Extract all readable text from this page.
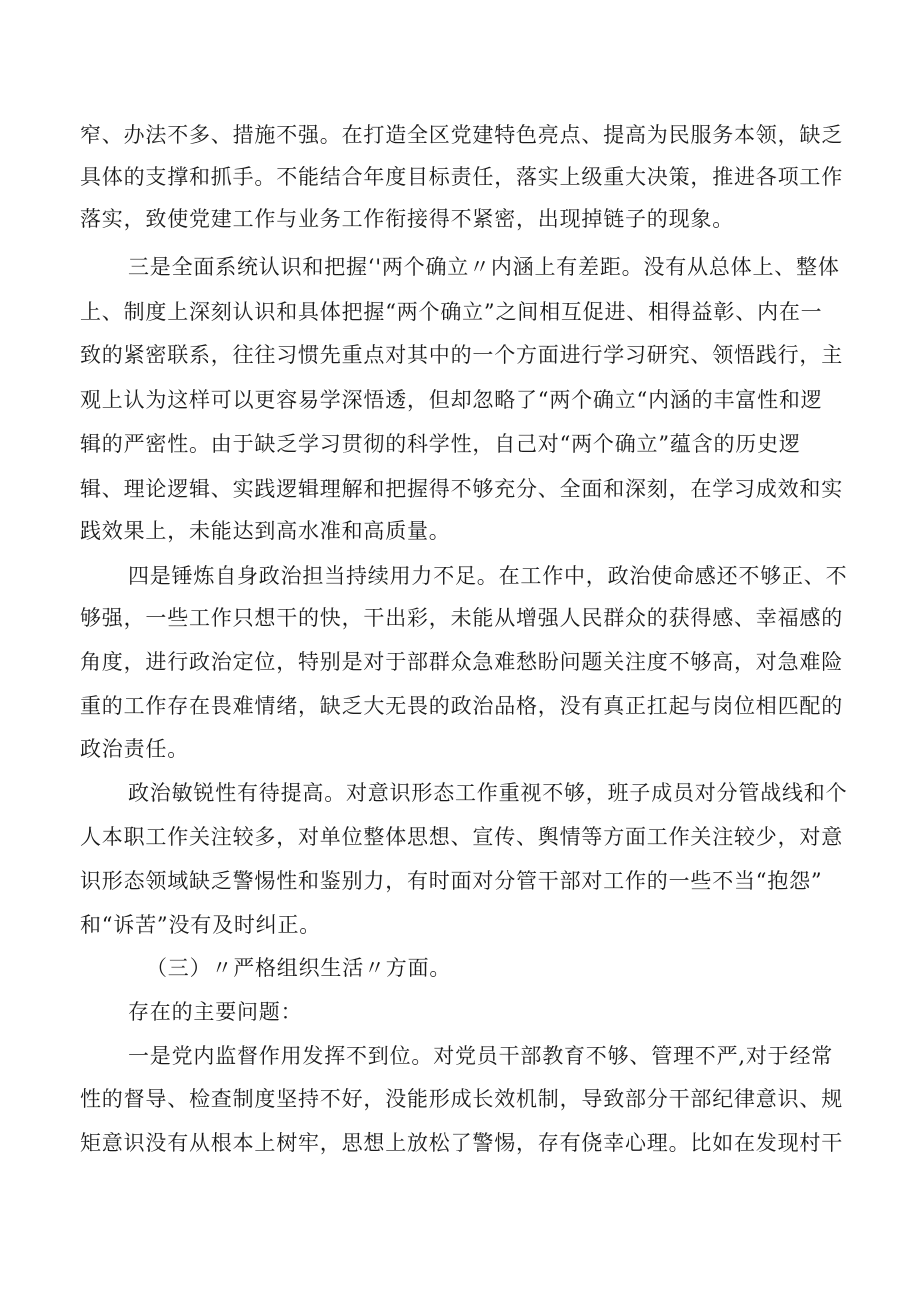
窄、办法不多、措施不强。在打造全区党建特色亮点、提高为民服务本领，缺乏
具体的支撑和抓手。不能结合年度目标责任，落实上级重大决策，推进各项工作
落实，致使党建工作与业务工作衔接得不紧密，出现掉链子的现象。
三是全面系统认识和把握‘'两个确立〃内涵上有差距。没有从总体上、整体
上、制度上深刻认识和具体把握“两个确立”之间相互促进、相得益彰、内在一
致的紧密联系，往往习惯先重点对其中的一个方面进行学习研究、领悟践行，主
观上认为这样可以更容易学深悟透，但却忽略了“两个确立“内涵的丰富性和逻
辑的严密性。由于缺乏学习贯彻的科学性，自己对“两个确立”蕴含的历史逻
辑、理论逻辑、实践逻辑理解和把握得不够充分、全面和深刻，在学习成效和实
践效果上，未能达到高水准和高质量。
四是锤炼自身政治担当持续用力不足。在工作中，政治使命感还不够正、不
够强，一些工作只想干的快，干出彩，未能从增强人民群众的获得感、幸福感的
角度，进行政治定位，特别是对于部群众急难愁盼问题关注度不够高，对急难险
重的工作存在畏难情绪，缺乏大无畏的政治品格，没有真正扛起与岗位相匹配的
政治责任。
政治敏锐性有待提高。对意识形态工作重视不够，班子成员对分管战线和个
人本职工作关注较多，对单位整体思想、宣传、舆情等方面工作关注较少，对意
识形态领域缺乏警惕性和鉴别力，有时面对分管干部对工作的一些不当“抱怨”
和“诉苦”没有及时纠正。
（三）〃严格组织生活〃方面。
存在的主要问题：
一是党内监督作用发挥不到位。对党员干部教育不够、管理不严,对于经常
性的督导、检查制度坚持不好，没能形成长效机制，导致部分干部纪律意识、规
矩意识没有从根本上树牢，思想上放松了警惕，存有侥幸心理。比如在发现村干
